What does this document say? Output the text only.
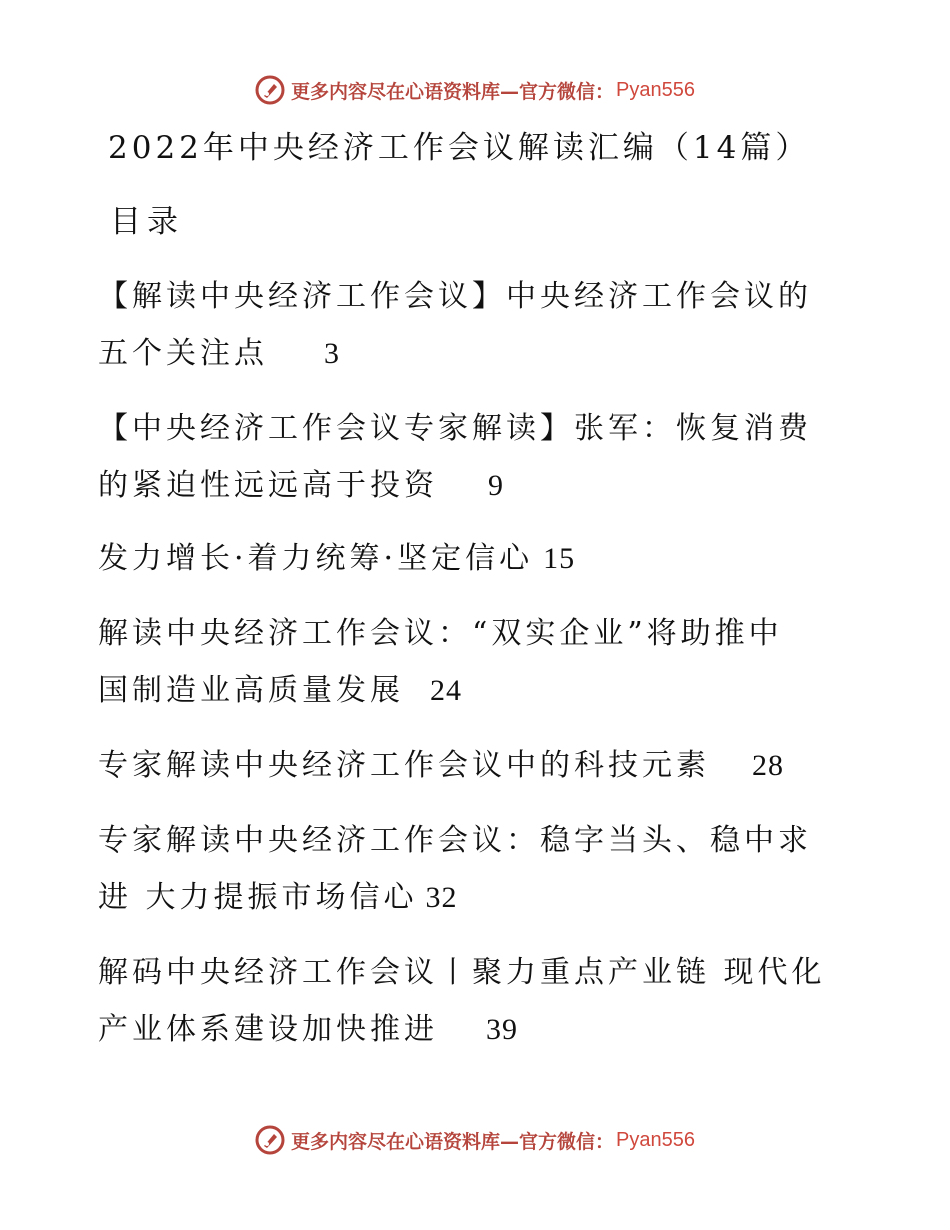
更多内容尽在心语资料库—官方微信： Pyan556
2022年中央经济工作会议解读汇编（14篇）
目录
【解读中央经济工作会议】中央经济工作会议的
五个关注点 3
【中央经济工作会议专家解读】张军：恢复消费
的紧迫性远远高于投资 9
发力增长·着力统筹·坚定信心 15
解读中央经济工作会议：“双实企业”将助推中
国制造业高质量发展 24
专家解读中央经济工作会议中的科技元素 28
专家解读中央经济工作会议：稳字当头、稳中求
进 大力提振市场信心 32
解码中央经济工作会议丨聚力重点产业链 现代化
产业体系建设加快推进 39
更多内容尽在心语资料库—官方微信： Pyan556
